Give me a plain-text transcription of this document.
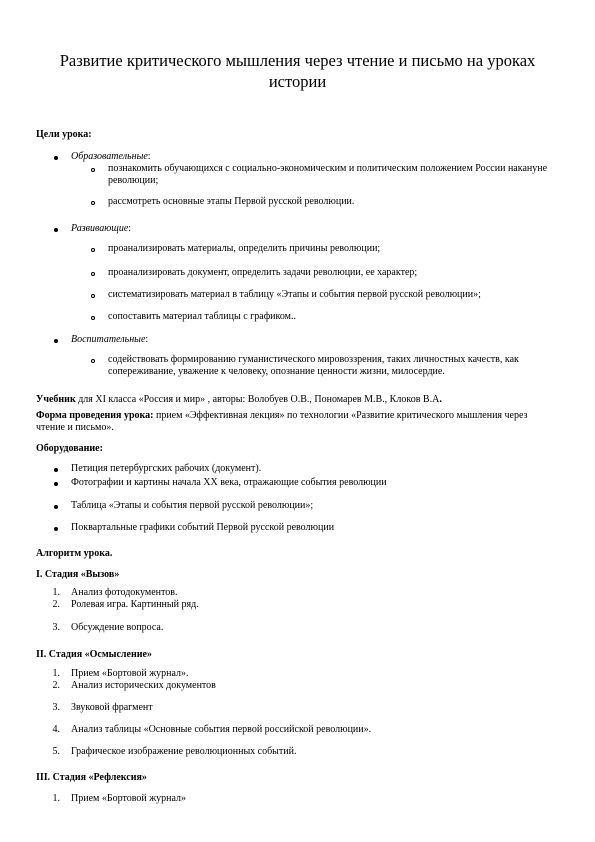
Развитие критического мышления через чтение и письмо на уроках истории
Цели урока:
Образовательные:
познакомить обучающихся с социально-экономическим и политическим положением России накануне революции;
рассмотреть основные этапы Первой русской революции.
Развивающие:
проанализировать материалы, определить причины революции;
проанализировать документ, определить задачи революции, ее характер;
систематизировать материал в таблицу «Этапы и события первой русской революции»;
сопоставить материал таблицы с графиком..
Воспитательные:
содействовать формированию гуманистического мировоззрения, таких личностных качеств, как сопереживание, уважение к человеку, опознание ценности жизни, милосердие.
Учебник для XI класса «Россия и мир» , авторы: Волобуев О.В., Пономарев М.В., Клоков В.А.
Форма проведения урока: прием «Эффективная лекция» по технологии «Развитие критического мышления через чтение и письмо».
Оборудование:
Петиция петербургских рабочих (документ).
Фотографии и картины начала XX века, отражающие события революции
Таблица «Этапы и события первой русской революции»;
Поквартальные графики событий Первой русской революции
Алгоритм урока.
I. Стадия «Вызов»
1. Анализ фотодокументов.
2. Ролевая игра. Картинный ряд.
3. Обсуждение вопроса.
II. Стадия «Осмысление»
1. Прием «Бортовой журнал».
2. Анализ исторических документов
3. Звуковой фрагмент
4. Анализ таблицы «Основные события первой российской революции».
5. Графическое изображение революционных событий.
III. Стадия «Рефлексия»
1. Прием «Бортовой журнал»
